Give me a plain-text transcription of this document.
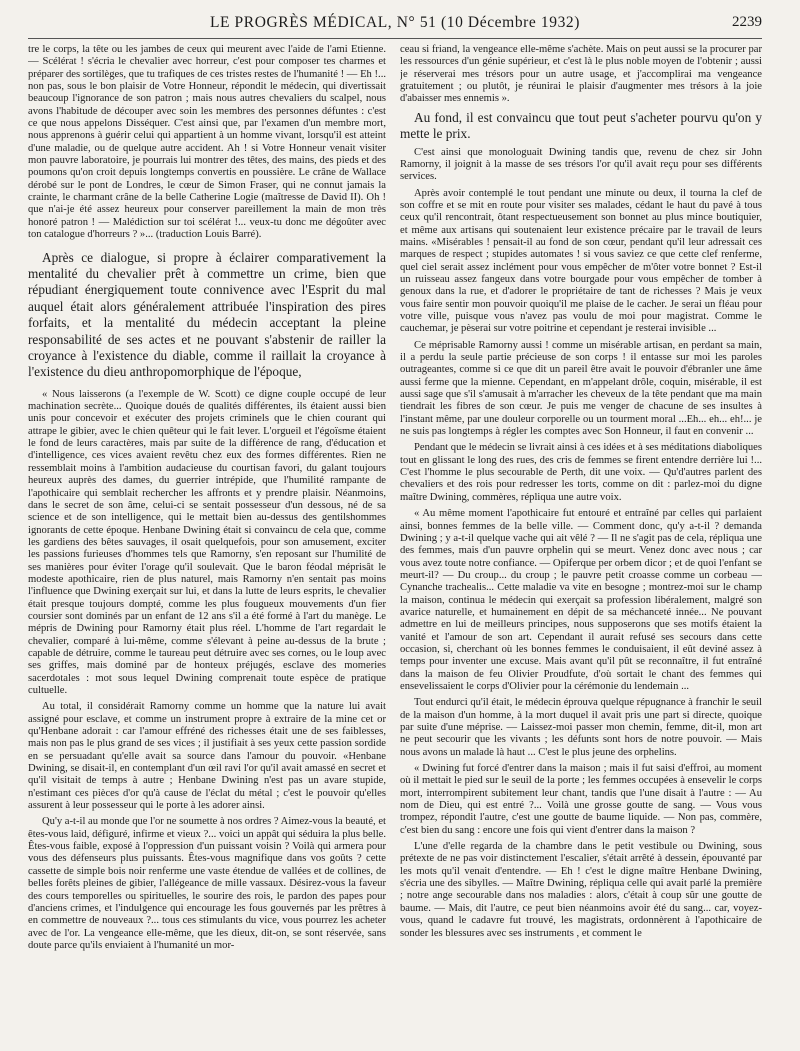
LE PROGRÈS MÉDICAL, N° 51 (10 Décembre 1932)	2239

tre le corps, la tête ou les jambes de ceux qui meurent avec l'aide de l'ami Etienne. — Scélérat ! s'écria le chevalier avec horreur, c'est pour composer tes charmes et préparer des sortilèges, que tu trafiques de ces tristes restes de l'humanité ! — Eh !... non pas, sous le bon plaisir de Votre Honneur, répondit le médecin, qui divertissait beaucoup l'ignorance de son patron ; mais nous autres chevaliers du scalpel, nous avons l'habitude de découper avec soin les membres des personnes défuntes : c'est ce que nous appelons Disséquer. C'est ainsi que, par l'examen d'un membre mort, nous apprenons à guérir celui qui appartient à un homme vivant, lorsqu'il est atteint d'une maladie, ou de quelque autre accident. Ah ! si Votre Honneur venait visiter mon pauvre laboratoire, je pourrais lui montrer des têtes, des mains, des pieds et des poumons qu'on croit depuis longtemps convertis en poussière. Le crâne de Wallace dérobé sur le pont de Londres, le cœur de Simon Fraser, qui ne connut jamais la crainte, le charmant crâne de la belle Catherine Logie (maîtresse de David II). Oh ! que n'ai-je été assez heureux pour conserver pareillement la main de mon très honoré patron ! — Malédiction sur toi scélérat !... veux-tu donc me dégoûter avec ton catalogue d'horreurs ? »... (traduction Louis Barré).

Après ce dialogue, si propre à éclairer comparativement la mentalité du chevalier prêt à commettre un crime, bien que répudiant énergiquement toute connivence avec l'Esprit du mal auquel était alors généralement attribuée l'inspiration des pires forfaits, et la mentalité du médecin acceptant la pleine responsabilité de ses actes et ne pouvant s'abstenir de railler la croyance à l'existence du diable, comme il raillait la croyance à l'existence du dieu anthropomorphique de l'époque,

« Nous laisserons (a l'exemple de W. Scott) ce digne couple occupé de leur machination secrète... Quoique doués de qualités différentes, ils étaient aussi bien unis pour concevoir et exécuter des projets criminels que le chien courant qui attrape le gibier, avec le chien quêteur qui le fait lever. L'orgueil et l'égoïsme étaient le fond de leurs caractères, mais par suite de la différence de rang, d'éducation et d'intelligence, ces vices avaient revêtu chez eux des formes différentes. Rien ne ressemblait moins à l'ambition audacieuse du courtisan favori, du galant toujours heureux auprès des dames, du guerrier intrépide, que l'humilité rampante de l'apothicaire qui semblait rechercher les affronts et y prendre plaisir. Néanmoins, dans le secret de son âme, celui-ci se sentait possesseur d'un dessous, né de sa science et de son intelligence, qui le mettait bien au-dessus des gentilshommes ignorants de cette époque. Henbane Dwining était si convaincu de cela que, comme les gardiens des bêtes sauvages, il osait quelquefois, pour son amusement, exciter les passions furieuses d'hommes tels que Ramorny, s'en reposant sur l'humilité de ses manières pour éviter l'orage qu'il soulevait. Que le baron féodal méprisât le modeste apothicaire, rien de plus naturel, mais Ramorny n'en sentait pas moins l'influence que Dwining exerçait sur lui, et dans la lutte de leurs esprits, le chevalier était presque toujours dompté, comme les plus fougueux mouvements d'un fier coursier sont dominés par un enfant de 12 ans s'il a été formé à l'art du manège. Le mépris de Dwining pour Ramorny était plus réel. L'homme de l'art regardait le chevalier, comparé à lui-même, comme s'élevant à peine au-dessus de la brute ; capable de détruire, comme le taureau peut détruire avec ses cornes, ou le loup avec ses griffes, mais dominé par de honteux préjugés, esclave des momeries sacerdotales : mot sous lequel Dwining comprenait toute espèce de pratique cultuelle.

Au total, il considérait Ramorny comme un homme que la nature lui avait assigné pour esclave, et comme un instrument propre à extraire de la mine cet or qu'Henbane adorait : car l'amour effréné des richesses était une de ses faiblesses, mais non pas le plus grand de ses vices ; il justifiait à ses yeux cette passion sordide en se persuadant qu'elle avait sa source dans l'amour du pouvoir. «Henbane Dwining, se disait-il, en contemplant d'un œil ravi l'or qu'il avait amassé en secret et qu'il visitait de temps à autre ; Henbane Dwining n'est pas un avare stupide, n'estimant ces pièces d'or qu'à cause de l'éclat du métal ; c'est le pouvoir qu'elles assurent à leur possesseur qui le porte à les adorer ainsi.

Qu'y a-t-il au monde que l'or ne soumette à nos ordres ? Aimez-vous la beauté, et êtes-vous laid, défiguré, infirme et vieux ?... voici un appât qui séduira la plus belle. Êtes-vous faible, exposé à l'oppression d'un puissant voisin ? Voilà qui armera pour vous des défenseurs plus puissants. Êtes-vous magnifique dans vos goûts ? cette cassette de simple bois noir renferme une vaste étendue de vallées et de collines, de belles forêts pleines de gibier, l'allégeance de mille vassaux. Désirez-vous la faveur des cours temporelles ou spirituelles, le sourire des rois, le pardon des papes pour d'anciens crimes, et l'indulgence qui encourage les fous gouvernés par les prêtres à en commettre de nouveaux ?... tous ces stimulants du vice, vous pourrez les acheter avec de l'or. La vengeance elle-même, que les dieux, dit-on, se sont réservée, sans doute parce qu'ils enviaient à l'humanité un mor-

ceau si friand, la vengeance elle-même s'achète. Mais on peut aussi se la procurer par les ressources d'un génie supérieur, et c'est là le plus noble moyen de l'obtenir ; aussi je réserverai mes trésors pour un autre usage, et j'accomplirai ma vengeance gratuitement ; ou plutôt, je réunirai le plaisir d'augmenter mes trésors à la joie d'abaisser mes ennemis ».

Au fond, il est convaincu que tout peut s'acheter pourvu qu'on y mette le prix.

C'est ainsi que monologuait Dwining tandis que, revenu de chez sir John Ramorny, il joignit à la masse de ses trésors l'or qu'il avait reçu pour ses différents services.

Après avoir contemplé le tout pendant une minute ou deux, il tourna la clef de son coffre et se mit en route pour visiter ses malades, cédant le haut du pavé à tous ceux qu'il rencontrait, ôtant respectueusement son bonnet au plus mince boutiquier, et même aux artisans qui soutenaient leur existence précaire par le travail de leurs mains. «Misérables ! pensait-il au fond de son cœur, pendant qu'il leur adressait ces marques de respect ; stupides automates ! si vous saviez ce que cette clef renferme, quel ciel serait assez inclément pour vous empêcher de m'ôter votre bonnet ? Est-il un ruisseau assez fangeux dans votre bourgade pour vous empêcher de tomber à genoux dans la rue, et d'adorer le propriétaire de tant de richesses ? Mais je veux vous faire sentir mon pouvoir quoiqu'il me plaise de le cacher. Je serai un fléau pour votre ville, puisque vous n'avez pas voulu de moi pour magistrat. Comme le cauchemar, je pèserai sur votre poitrine et cependant je resterai invisible ...

Ce méprisable Ramorny aussi ! comme un misérable artisan, en perdant sa main, il a perdu la seule partie précieuse de son corps ! il entasse sur moi les paroles outrageantes, comme si ce que dit un pareil être avait le pouvoir d'ébranler une âme aussi ferme que la mienne. Cependant, en m'appelant drôle, coquin, misérable, il est aussi sage que s'il s'amusait à m'arracher les cheveux de la tête pendant que ma main tiendrait les fibres de son cœur. Je puis me venger de chacune de ses insultes à l'instant même, par une douleur corporelle ou un tourment moral ...Eh... eh... eh!... je ne suis pas longtemps à régler les comptes avec Son Honneur, il faut en convenir ...

Pendant que le médecin se livrait ainsi à ces idées et à ses méditations diaboliques tout en glissant le long des rues, des cris de femmes se firent entendre derrière lui !... C'est l'homme le plus secourable de Perth, dit une voix. — Qu'd'autres parlent des chevaliers et des rois pour redresser les torts, comme on dit : parlez-moi du digne maître Dwining, commères, répliqua une autre voix.

« Au même moment l'apothicaire fut entouré et entraîné par celles qui parlaient ainsi, bonnes femmes de la belle ville. — Comment donc, qu'y a-t-il ? demanda Dwining ; y a-t-il quelque vache qui ait vêlé ? — Il ne s'agit pas de cela, répliqua une des femmes, mais d'un pauvre orphelin qui se meurt. Venez donc avec nous ; car vous avez toute notre confiance. — Opiferque per orbem dicor ; et de quoi l'enfant se meurt-il? — Du croup... du croup ; le pauvre petit croasse comme un corbeau — Cynanche trachealis... Cette maladie va vite en besogne ; montrez-moi sur le champ la maison, continua le médecin qui exerçait sa profession libéralement, malgré son avarice naturelle, et humainement en dépit de sa méchanceté innée... Ne pouvant admettre en lui de meilleurs principes, nous supposerons que ses motifs étaient la vanité et l'amour de son art. Cependant il aurait refusé ses secours dans cette occasion, si, cherchant où les bonnes femmes le conduisaient, il eût deviné assez à temps pour inventer une excuse. Mais avant qu'il pût se reconnaître, il fut entraîné dans la maison de feu Olivier Proudfute, d'où sortait le chant des femmes qui ensevelissaient le corps d'Olivier pour la cérémonie du lendemain ...

Tout endurci qu'il était, le médecin éprouva quelque répugnance à franchir le seuil de la maison d'un homme, à la mort duquel il avait pris une part si directe, quoique par suite d'une méprise. — Laissez-moi passer mon chemin, femme, dit-il, mon art ne peut secourir que les vivants ; les défunts sont hors de notre pouvoir. — Mais nous avons un malade là haut ... C'est le plus jeune des orphelins.

« Dwining fut forcé d'entrer dans la maison ; mais il fut saisi d'effroi, au moment où il mettait le pied sur le seuil de la porte ; les femmes occupées à ensevelir le corps mort, interrompirent subitement leur chant, tandis que l'une disait à l'autre : — Au nom de Dieu, qui est entré ?... Voilà une grosse goutte de sang. — Vous vous trompez, répondit l'autre, c'est une goutte de baume liquide. — Non pas, commère, c'est bien du sang : encore une fois qui vient d'entrer dans la maison ?

L'une d'elle regarda de la chambre dans le petit vestibule ou Dwining, sous prétexte de ne pas voir distinctement l'escalier, s'était arrêté à dessein, épouvanté par les mots qu'il venait d'entendre. — Eh ! c'est le digne maître Henbane Dwining, s'écria une des sibylles. — Maître Dwining, répliqua celle qui avait parlé la première ; notre ange secourable dans nos maladies : alors, c'était à coup sûr une goutte de baume. — Mais, dit l'autre, ce peut bien néanmoins avoir été du sang... car, voyez-vous, quand le cadavre fut trouvé, les magistrats, ordonnèrent à l'apothicaire de sonder les blessures avec ses instruments , et comment le
